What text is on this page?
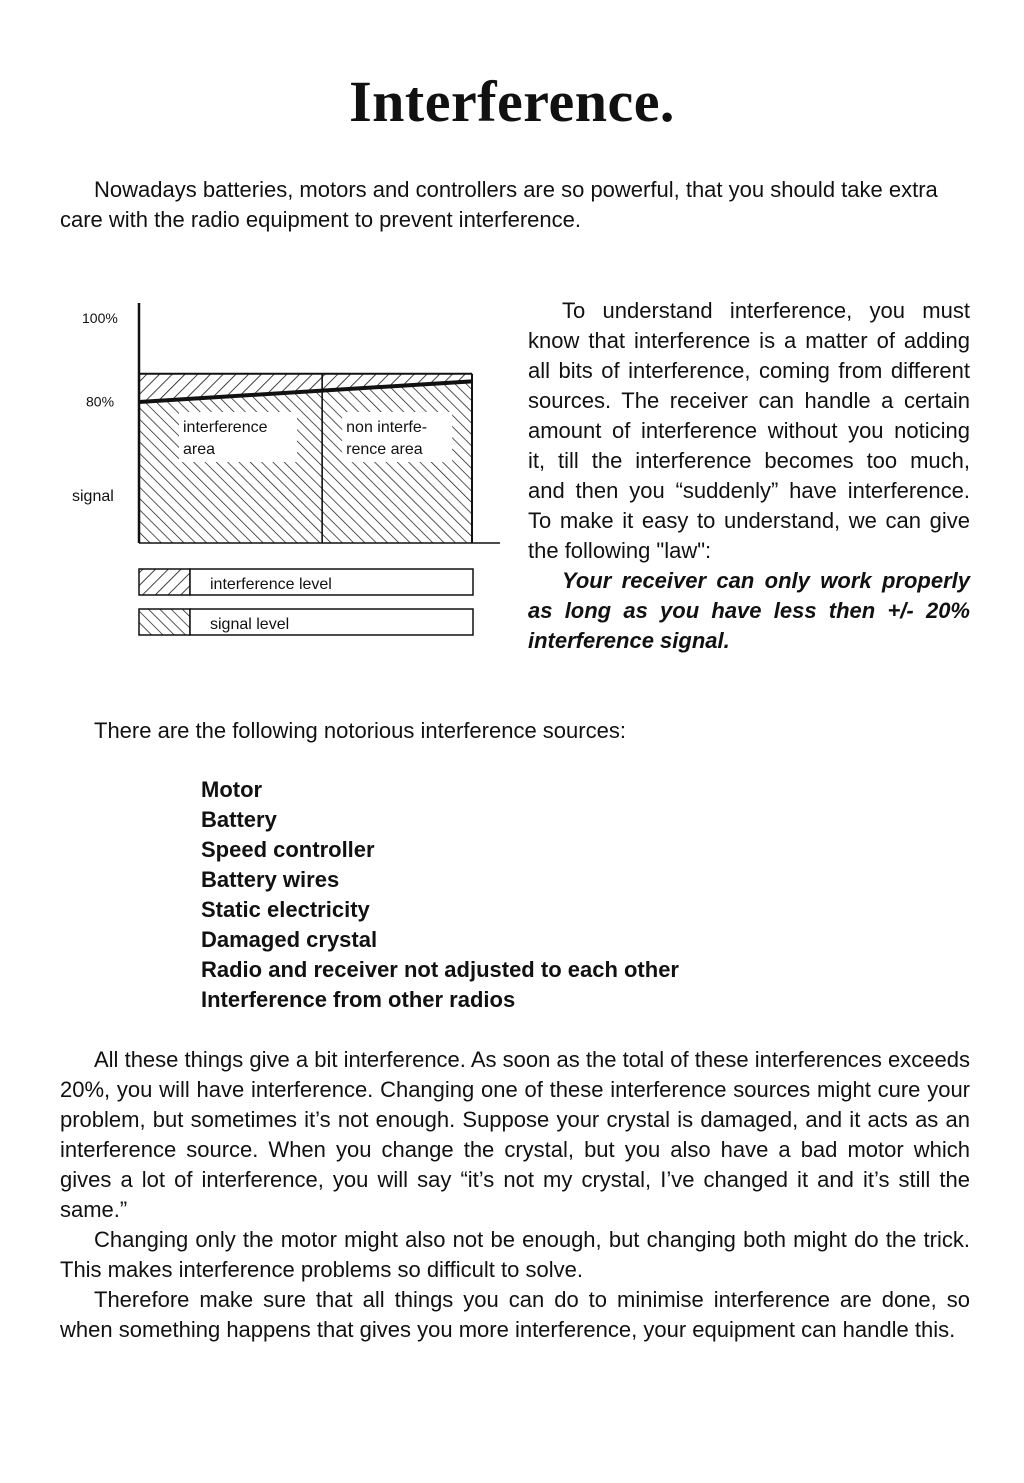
Interference.

Nowadays batteries, motors and controllers are so powerful, that you should take extra care with the radio equipment to prevent interference.

interference
area
non interfe-
rence area
100%
80%
signal
interference level
signal level

To understand interference, you must know that interference is a matter of adding all bits of interference, coming from different sources. The receiver can handle a certain amount of interference without you noticing it, till the interference becomes too much, and then you “suddenly” have interference. To make it easy to understand, we can give the following "law":

Your receiver can only work properly as long as you have less then +/- 20% interference signal.

There are the following notorious interference sources:

Motor
Battery
Speed controller
Battery wires
Static electricity
Damaged crystal
Radio and receiver not adjusted to each other
Interference from other radios

All these things give a bit interference. As soon as the total of these interferences exceeds 20%, you will have interference. Changing one of these interference sources might cure your problem, but sometimes it’s not enough. Suppose your crystal is damaged, and it acts as an interference source. When you change the crystal, but you also have a bad motor which gives a lot of interference, you will say “it’s not my crystal, I’ve changed it and it’s still the same.”

Changing only the motor might also not be enough, but changing both might do the trick. This makes interference problems so difficult to solve.

Therefore make sure that all things you can do to minimise interference are done, so when something happens that gives you more interference, your equipment can handle this.
